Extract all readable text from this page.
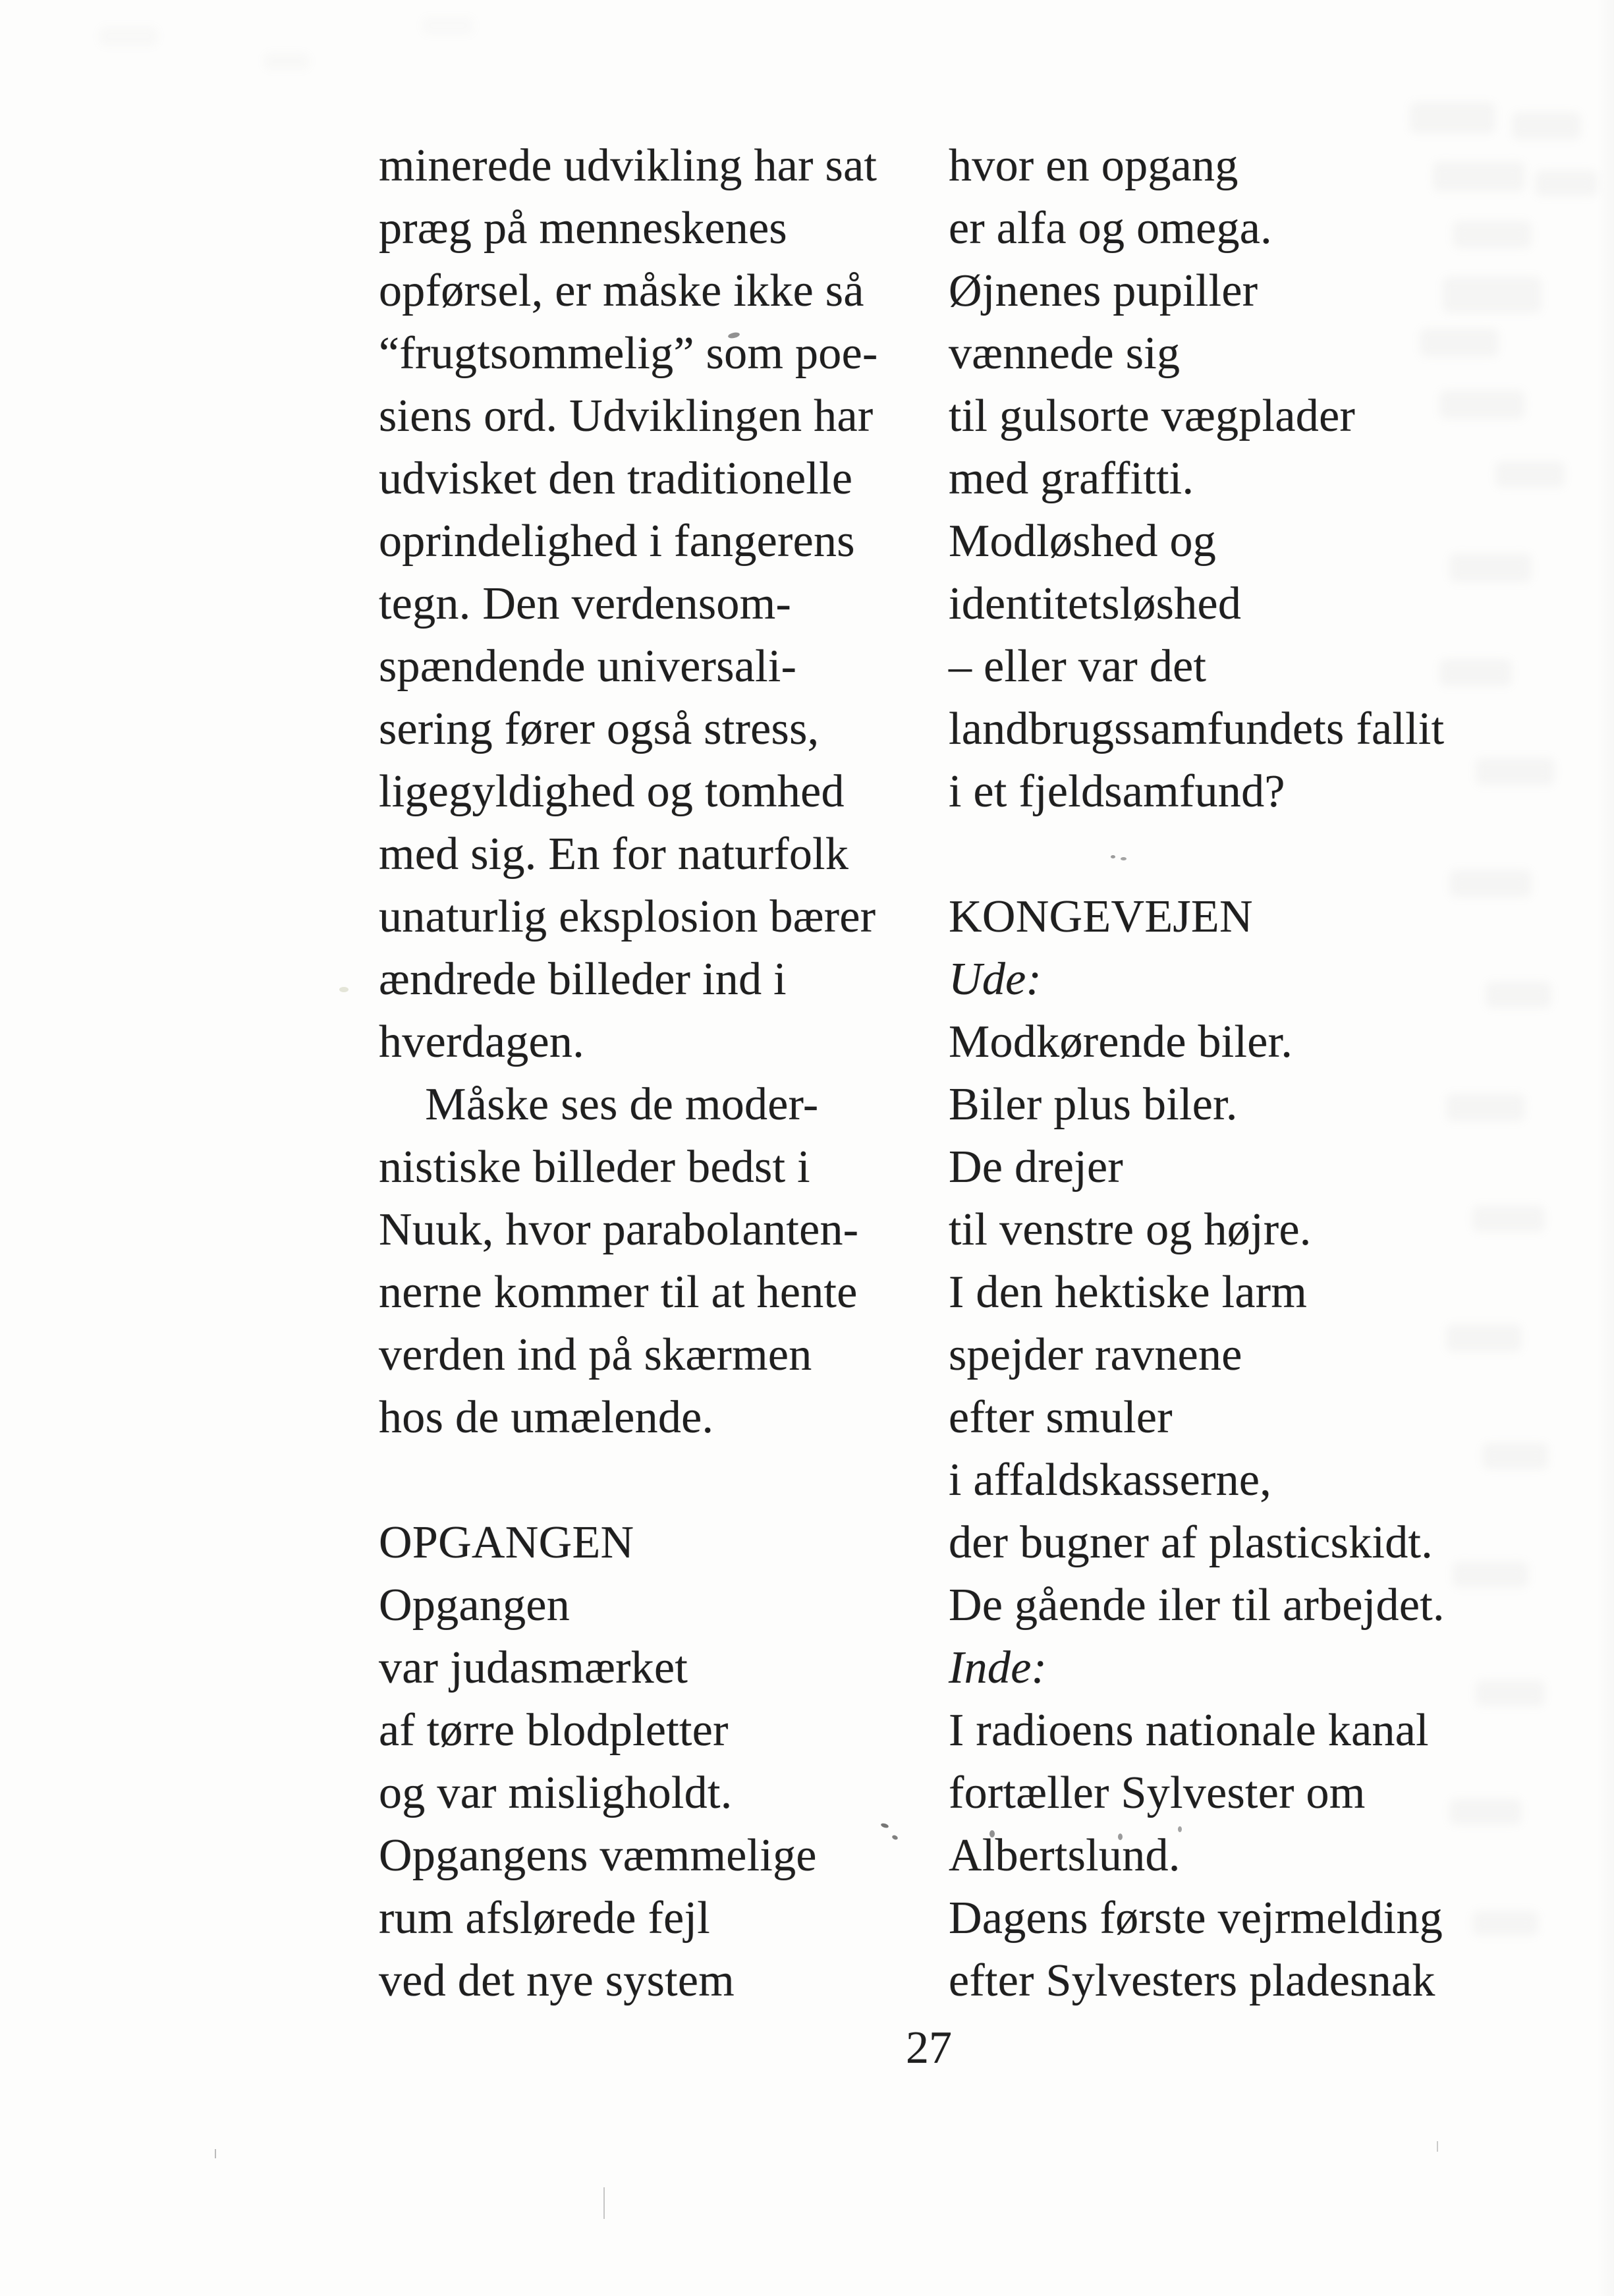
minerede udvikling har sat
præg på menneskenes
opførsel, er måske ikke så
“frugtsommelig” som poe-
siens ord. Udviklingen har
udvisket den traditionelle
oprindelighed i fangerens
tegn. Den verdensom-
spændende universali-
sering fører også stress,
ligegyldighed og tomhed
med sig. En for naturfolk
unaturlig eksplosion bærer
ændrede billeder ind i
hverdagen.
 Måske ses de moder-
nistiske billeder bedst i
Nuuk, hvor parabolanten-
nerne kommer til at hente
verden ind på skærmen
hos de umælende.

OPGANGEN
Opgangen
var judasmærket
af tørre blodpletter
og var misligholdt.
Opgangens væmmelige
rum afslørede fejl
ved det nye system
hvor en opgang
er alfa og omega.
Øjnenes pupiller
vænnede sig
til gulsorte vægplader
med graffitti.
Modløshed og
identitetsløshed
– eller var det
landbrugssamfundets fallit
i et fjeldsamfund?

KONGEVEJEN
Ude:
Modkørende biler.
Biler plus biler.
De drejer
til venstre og højre.
I den hektiske larm
spejder ravnene
efter smuler
i affaldskasserne,
der bugner af plasticskidt.
De gående iler til arbejdet.
Inde:
I radioens nationale kanal
fortæller Sylvester om
Albertslund.
Dagens første vejrmelding
efter Sylvesters pladesnak
27
